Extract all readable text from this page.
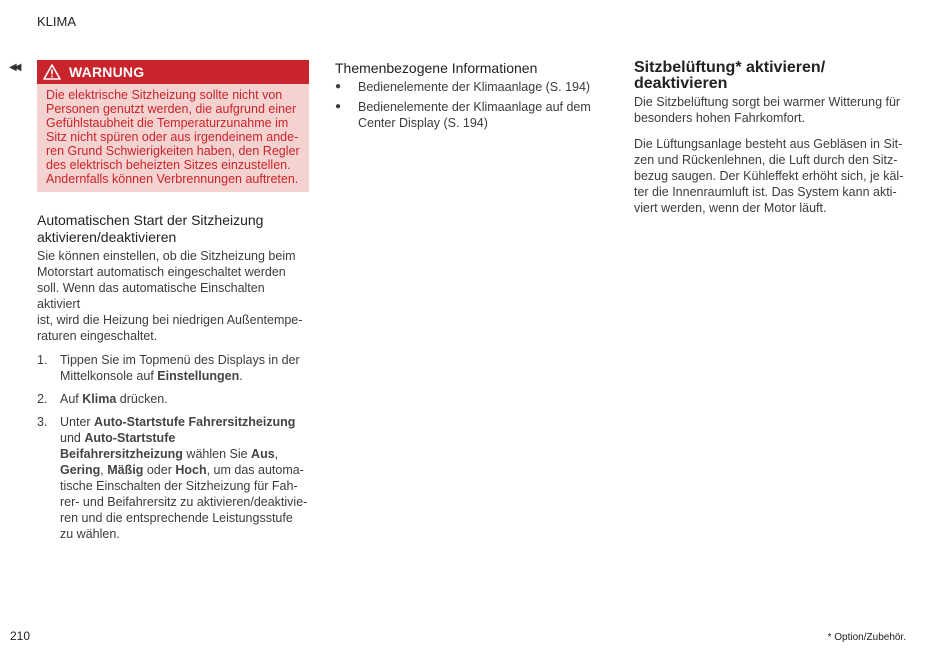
KLIMA
◀◀	WARNUNG
Die elektrische Sitzheizung sollte nicht von
Personen genutzt werden, die aufgrund einer
Gefühlstaubheit die Temperaturzunahme im
Sitz nicht spüren oder aus irgendeinem ande-
ren Grund Schwierigkeiten haben, den Regler
des elektrisch beheizten Sitzes einzustellen.
Andernfalls können Verbrennungen auftreten.
Automatischen Start der Sitzheizung
aktivieren/deaktivieren
Sie können einstellen, ob die Sitzheizung beim
Motorstart automatisch eingeschaltet werden
soll. Wenn das automatische Einschalten aktiviert
ist, wird die Heizung bei niedrigen Außentempe-
raturen eingeschaltet.
1.	Tippen Sie im Topmenü des Displays in der
Mittelkonsole auf Einstellungen.
2.	Auf Klima drücken.
3.	Unter Auto-Startstufe Fahrersitzheizung
und Auto-Startstufe
Beifahrersitzheizung wählen Sie Aus,
Gering, Mäßig oder Hoch, um das automa-
tische Einschalten der Sitzheizung für Fah-
rer- und Beifahrersitz zu aktivieren/deaktivie-
ren und die entsprechende Leistungsstufe
zu wählen.
Themenbezogene Informationen
●	Bedienelemente der Klimaanlage (S. 194)
●	Bedienelemente der Klimaanlage auf dem
Center Display (S. 194)
Sitzbelüftung* aktivieren/
deaktivieren
Die Sitzbelüftung sorgt bei warmer Witterung für
besonders hohen Fahrkomfort.
Die Lüftungsanlage besteht aus Gebläsen in Sit-
zen und Rückenlehnen, die Luft durch den Sitz-
bezug saugen. Der Kühleffekt erhöht sich, je käl-
ter die Innenraumluft ist. Das System kann akti-
viert werden, wenn der Motor läuft.
210	* Option/Zubehör.
